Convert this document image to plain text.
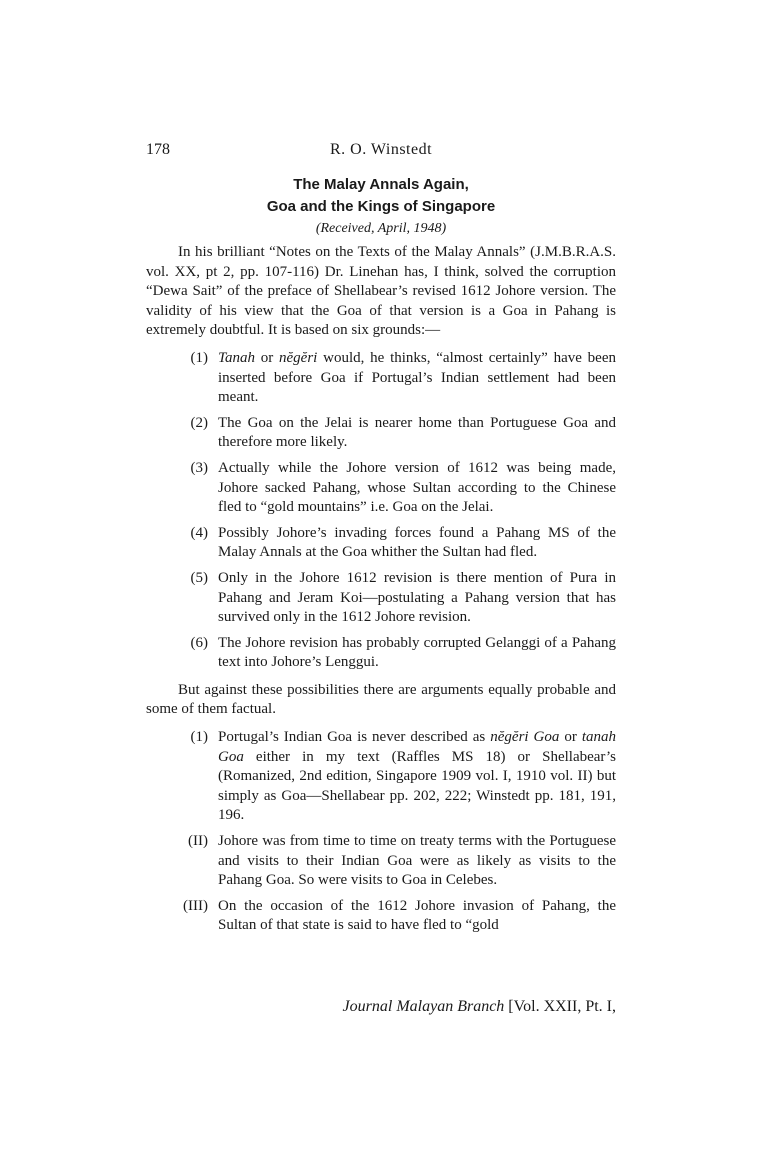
178	R. O. Winstedt
The Malay Annals Again,
Goa and the Kings of Singapore
(Received, April, 1948)

In his brilliant “Notes on the Texts of the Malay Annals” (J.M.B.R.A.S. vol. XX, pt 2, pp. 107-116) Dr. Linehan has, I think, solved the corruption “Dewa Sait” of the preface of Shellabear’s revised 1612 Johore version. The validity of his view that the Goa of that version is a Goa in Pahang is extremely doubtful. It is based on six grounds:—

(1) Tanah or nĕgĕri would, he thinks, “almost certainly” have been inserted before Goa if Portugal’s Indian settlement had been meant.
(2) The Goa on the Jelai is nearer home than Portuguese Goa and therefore more likely.
(3) Actually while the Johore version of 1612 was being made, Johore sacked Pahang, whose Sultan according to the Chinese fled to “gold mountains” i.e. Goa on the Jelai.
(4) Possibly Johore’s invading forces found a Pahang MS of the Malay Annals at the Goa whither the Sultan had fled.
(5) Only in the Johore 1612 revision is there mention of Pura in Pahang and Jeram Koi—postulating a Pahang version that has survived only in the 1612 Johore revision.
(6) The Johore revision has probably corrupted Gelanggi of a Pahang text into Johore’s Lenggui.

But against these possibilities there are arguments equally probable and some of them factual.

(1) Portugal’s Indian Goa is never described as nĕgĕri Goa or tanah Goa either in my text (Raffles MS 18) or Shellabear’s (Romanized, 2nd edition, Singapore 1909 vol. I, 1910 vol. II) but simply as Goa—Shellabear pp. 202, 222; Winstedt pp. 181, 191, 196.
(II) Johore was from time to time on treaty terms with the Portuguese and visits to their Indian Goa were as likely as visits to the Pahang Goa. So were visits to Goa in Celebes.
(III) On the occasion of the 1612 Johore invasion of Pahang, the Sultan of that state is said to have fled to “gold
Journal Malayan Branch [Vol. XXII, Pt. I,
